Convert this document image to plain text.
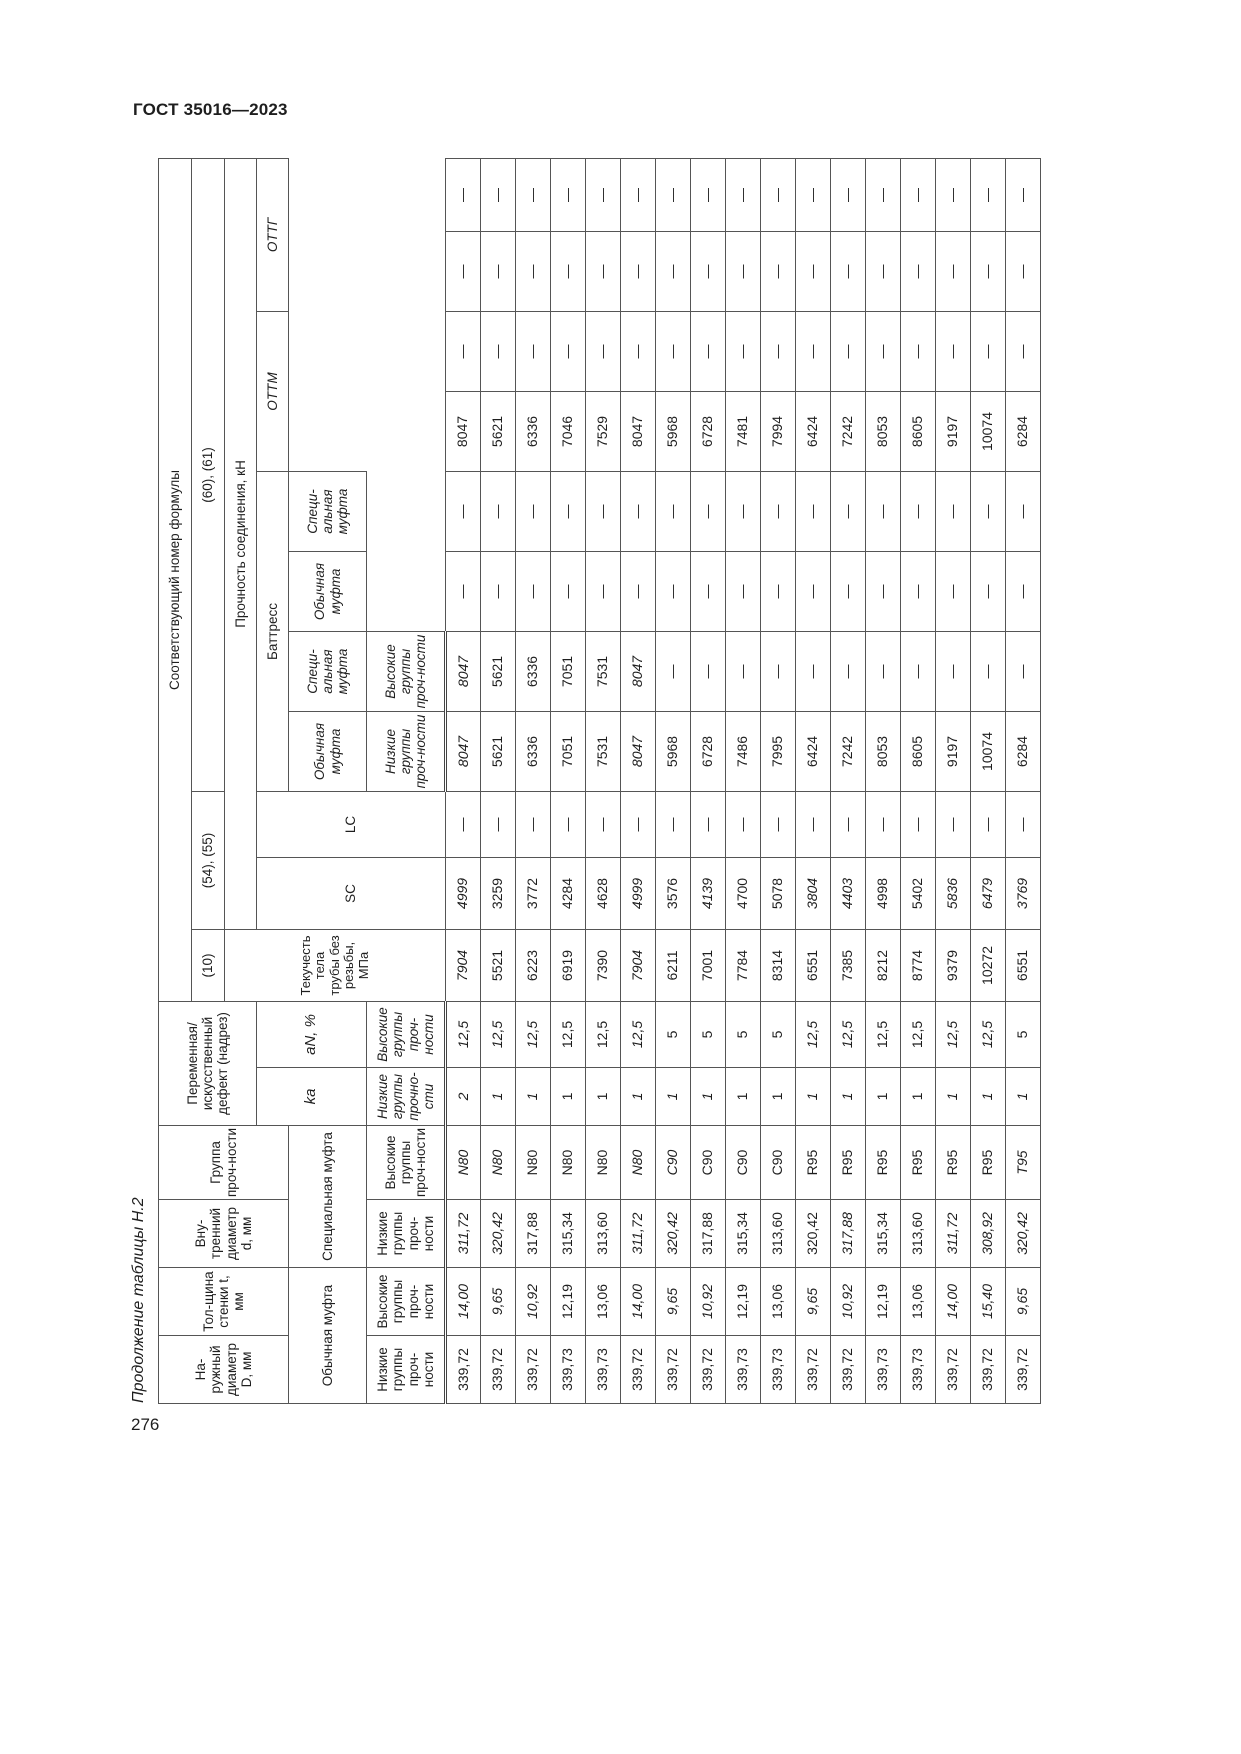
ГОСТ 35016—2023
Продолжение таблицы Н.2
276
На-ружный диаметр D, мм	Тол-щина стенки t, мм	Вну-тренний диаметр d, мм	Группа проч-ности	Переменная/ искусственный дефект (надрез)		Соответствующий номер формулы										
						(10)	(54), (55)		(60), (61)							
						Текучесть тела трубы без резьбы, МПа	Прочность соединения, кН									
				ka	aN, %		SC	LC	Баттресс				ОТТМ		ОТТГ	
Обычная муфта		Специальная муфта							Обычная муфта	Специ-альная муфта	Обычная муфта	Специ-альная муфта				
Низкие группы проч-ности	Высокие группы проч-ности	Низкие группы проч-ности	Высокие группы проч-ности	Низкие группы прочно-сти	Высокие группы проч-ности				Низкие группы проч-ности	Высокие группы проч-ности						
339,72	14,00	311,72	N80	2	12,5	7904	4999	—	8047	8047	—	—	8047	—	—	—
339,72	9,65	320,42	N80	1	12,5	5521	3259	—	5621	5621	—	—	5621	—	—	—
339,72	10,92	317,88	N80	1	12,5	6223	3772	—	6336	6336	—	—	6336	—	—	—
339,73	12,19	315,34	N80	1	12,5	6919	4284	—	7051	7051	—	—	7046	—	—	—
339,73	13,06	313,60	N80	1	12,5	7390	4628	—	7531	7531	—	—	7529	—	—	—
339,72	14,00	311,72	N80	1	12,5	7904	4999	—	8047	8047	—	—	8047	—	—	—
339,72	9,65	320,42	C90	1	5	6211	3576	—	5968	—	—	—	5968	—	—	—
339,72	10,92	317,88	C90	1	5	7001	4139	—	6728	—	—	—	6728	—	—	—
339,73	12,19	315,34	C90	1	5	7784	4700	—	7486	—	—	—	7481	—	—	—
339,73	13,06	313,60	C90	1	5	8314	5078	—	7995	—	—	—	7994	—	—	—
339,72	9,65	320,42	R95	1	12,5	6551	3804	—	6424	—	—	—	6424	—	—	—
339,72	10,92	317,88	R95	1	12,5	7385	4403	—	7242	—	—	—	7242	—	—	—
339,73	12,19	315,34	R95	1	12,5	8212	4998	—	8053	—	—	—	8053	—	—	—
339,73	13,06	313,60	R95	1	12,5	8774	5402	—	8605	—	—	—	8605	—	—	—
339,72	14,00	311,72	R95	1	12,5	9379	5836	—	9197	—	—	—	9197	—	—	—
339,72	15,40	308,92	R95	1	12,5	10272	6479	—	10074	—	—	—	10074	—	—	—
339,72	9,65	320,42	T95	1	5	6551	3769	—	6284	—	—	—	6284	—	—	—
